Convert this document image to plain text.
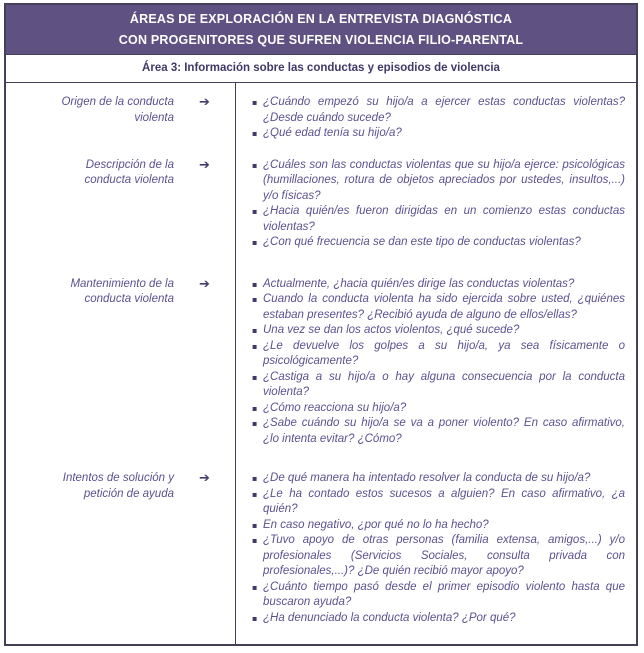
ÁREAS DE EXPLORACIÓN EN LA ENTREVISTA DIAGNÓSTICA
CON PROGENITORES QUE SUFREN VIOLENCIA FILIO-PARENTAL
Área 3: Información sobre las conductas y episodios de violencia
Origen de la conducta violenta
➔	▪ ¿Cuándo empezó su hijo/a a ejercer estas conductas violentas? ¿Desde cuándo sucede?
▪ ¿Qué edad tenía su hijo/a?
Descripción de la conducta violenta
➔	▪ ¿Cuáles son las conductas violentas que su hijo/a ejerce: psicológicas (humillaciones, rotura de objetos apreciados por ustedes, insultos,...) y/o físicas?
▪ ¿Hacia quién/es fueron dirigidas en un comienzo estas conductas violentas?
▪ ¿Con qué frecuencia se dan este tipo de conductas violentas?
Mantenimiento de la conducta violenta
➔	▪ Actualmente, ¿hacia quién/es dirige las conductas violentas?
▪ Cuando la conducta violenta ha sido ejercida sobre usted, ¿quiénes estaban presentes? ¿Recibió ayuda de alguno de ellos/ellas?
▪ Una vez se dan los actos violentos, ¿qué sucede?
▪ ¿Le devuelve los golpes a su hijo/a, ya sea físicamente o psicológicamente?
▪ ¿Castiga a su hijo/a o hay alguna consecuencia por la conducta violenta?
▪ ¿Cómo reacciona su hijo/a?
▪ ¿Sabe cuándo su hijo/a se va a poner violento? En caso afirmativo, ¿lo intenta evitar? ¿Cómo?
Intentos de solución y petición de ayuda
➔	▪ ¿De qué manera ha intentado resolver la conducta de su hijo/a?
▪ ¿Le ha contado estos sucesos a alguien? En caso afirmativo, ¿a quién?
▪ En caso negativo, ¿por qué no lo ha hecho?
▪ ¿Tuvo apoyo de otras personas (familia extensa, amigos,...) y/o profesionales (Servicios Sociales, consulta privada con profesionales,...)? ¿De quién recibió mayor apoyo?
▪ ¿Cuánto tiempo pasó desde el primer episodio violento hasta que buscaron ayuda?
▪ ¿Ha denunciado la conducta violenta? ¿Por qué?
